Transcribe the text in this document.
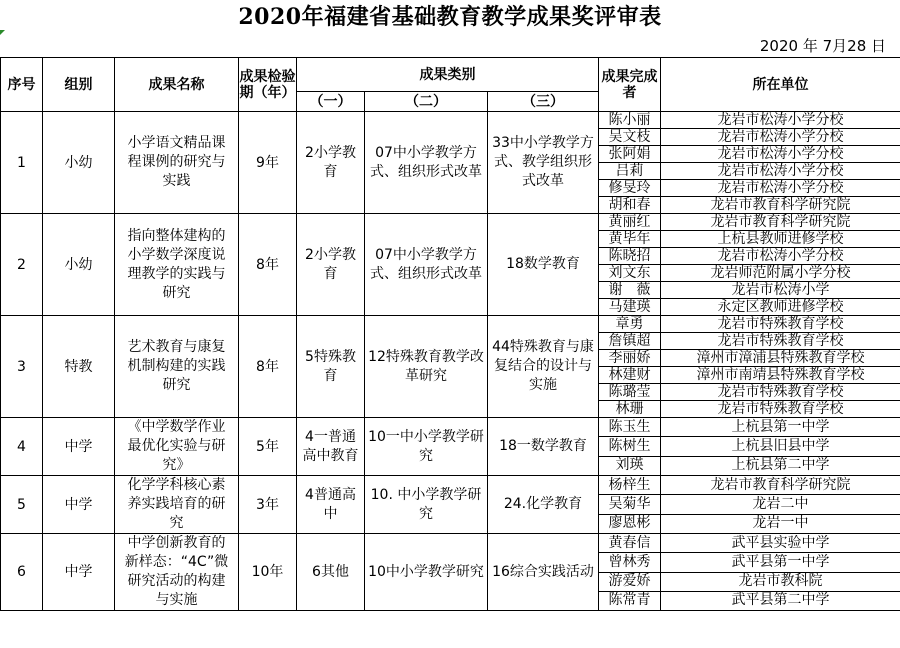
2020年福建省基础教育教学成果奖评审表
2020 年 7月28 日
序号	组别	成果名称	成果检验期（年）	成果类别			成果完成者	所在单位
				（一）	（二）	（三）		
1	小幼	小学语文精品课程课例的研究与实践	9年	2小学教育	07中小学教学方式、组织形式改革	33中小学教学方式、教学组织形式改革	陈小丽	龙岩市松涛小学分校
							吴文枝	龙岩市松涛小学分校
							张阿娟	龙岩市松涛小学分校
							吕莉	龙岩市松涛小学分校
							修旻玲	龙岩市松涛小学分校
							胡和春	龙岩市教育科学研究院
2	小幼	指向整体建构的小学数学深度说理教学的实践与研究	8年	2小学教育	07中小学教学方式、组织形式改革	18数学教育	黄丽红	龙岩市教育科学研究院
							黄毕年	上杭县教师进修学校
							陈晓招	龙岩市松涛小学分校
							刘文东	龙岩师范附属小学分校
							谢　薇	龙岩市松涛小学
							马建瑛	永定区教师进修学校
3	特教	艺术教育与康复机制构建的实践研究	8年	5特殊教育	12特殊教育教学改革研究	44特殊教育与康复结合的设计与实施	章勇	龙岩市特殊教育学校
							詹镇超	龙岩市特殊教育学校
							李丽娇	漳州市漳浦县特殊教育学校
							林建财	漳州市南靖县特殊教育学校
							陈璐莹	龙岩市特殊教育学校
							林珊	龙岩市特殊教育学校
4	中学	《中学数学作业最优化实验与研究》	5年	4一普通高中教育	10一中小学教学研究	18一数学教育	陈玉生	上杭县第一中学
							陈树生	上杭县旧县中学
							刘瑛	上杭县第二中学
5	中学	化学学科核心素养实践培育的研究	3年	4普通高中	10. 中小学教学研究	24.化学教育	杨梓生	龙岩市教育科学研究院
							吴菊华	龙岩二中
							廖恩彬	龙岩一中
6	中学	中学创新教育的新样态：“4C”微研究活动的构建与实施	10年	6其他	10中小学教学研究	16综合实践活动	黄春信	武平县实验中学
							曾林秀	武平县第一中学
							游爱娇	龙岩市教科院
							陈常青	武平县第二中学
